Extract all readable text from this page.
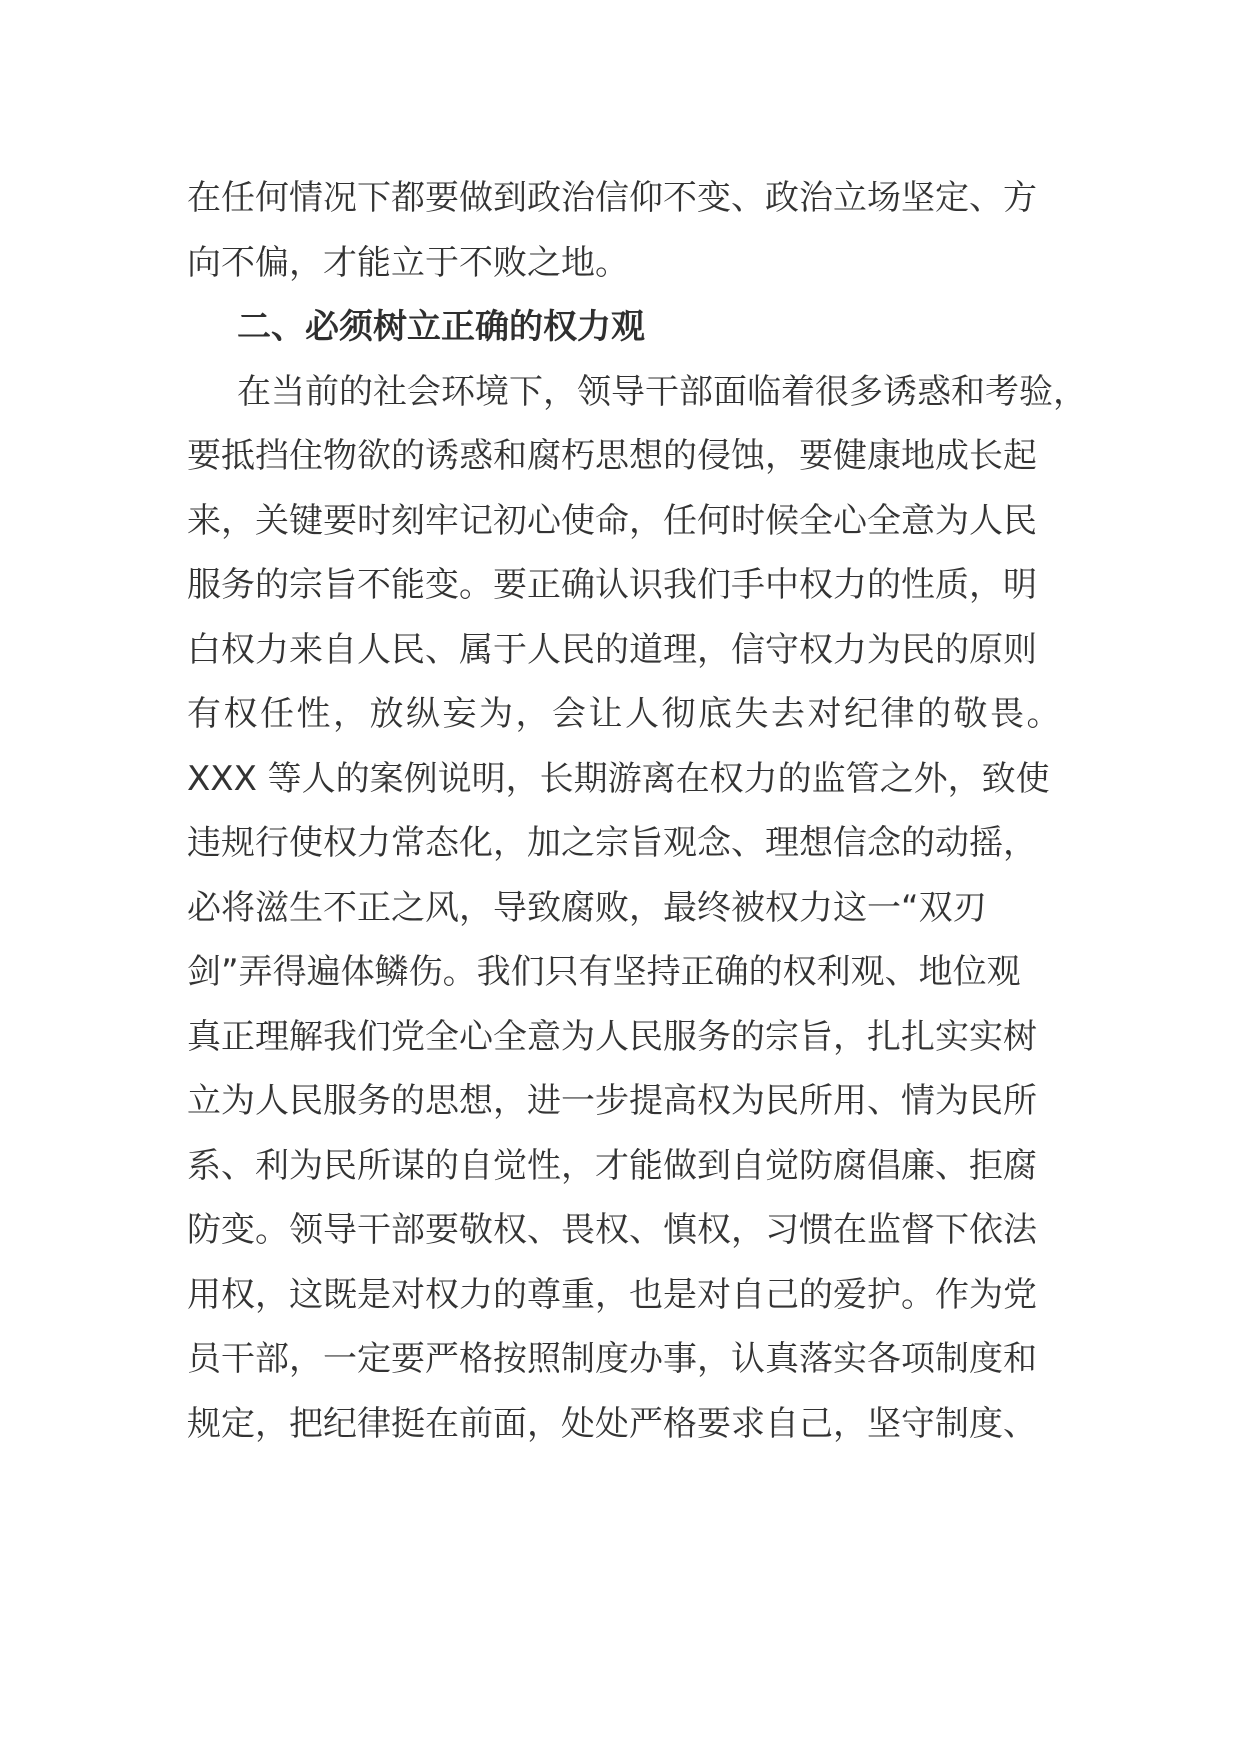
在任何情况下都要做到政治信仰不变、政治立场坚定、方
向不偏，才能立于不败之地。
二、必须树立正确的权力观
在当前的社会环境下，领导干部面临着很多诱惑和考验，
要抵挡住物欲的诱惑和腐朽思想的侵蚀，要健康地成长起
来，关键要时刻牢记初心使命，任何时候全心全意为人民
服务的宗旨不能变。要正确认识我们手中权力的性质，明
白权力来自人民、属于人民的道理，信守权力为民的原则
有权任性，放纵妄为，会让人彻底失去对纪律的敬畏。
XXX 等人的案例说明，长期游离在权力的监管之外，致使
违规行使权力常态化，加之宗旨观念、理想信念的动摇，
必将滋生不正之风，导致腐败，最终被权力这一“双刃
剑”弄得遍体鳞伤。我们只有坚持正确的权利观、地位观
真正理解我们党全心全意为人民服务的宗旨，扎扎实实树
立为人民服务的思想，进一步提高权为民所用、情为民所
系、利为民所谋的自觉性，才能做到自觉防腐倡廉、拒腐
防变。领导干部要敬权、畏权、慎权，习惯在监督下依法
用权，这既是对权力的尊重，也是对自己的爱护。作为党
员干部，一定要严格按照制度办事，认真落实各项制度和
规定，把纪律挺在前面，处处严格要求自己，坚守制度、
